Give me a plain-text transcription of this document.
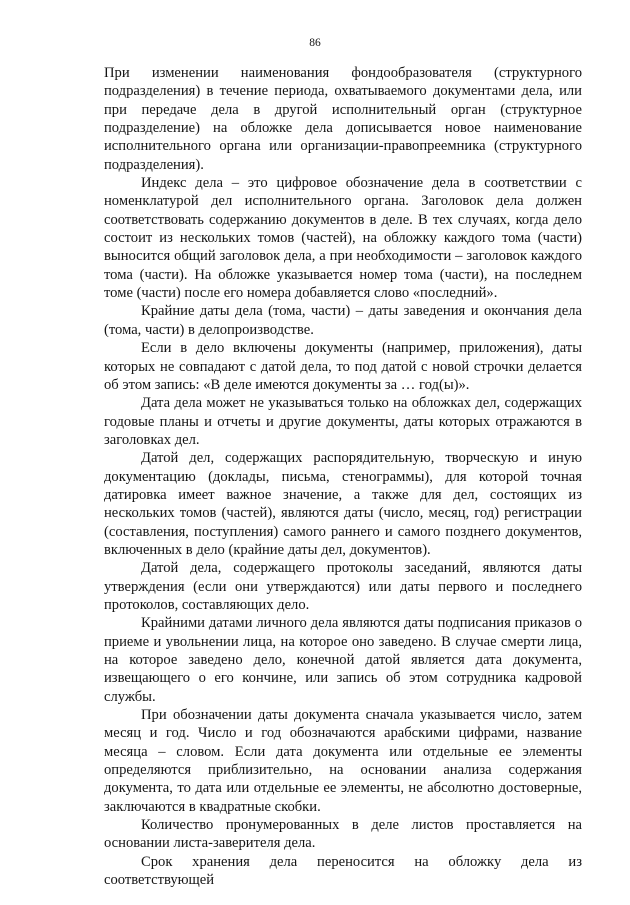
86

При изменении наименования фондообразователя (структурного подразделения) в течение периода, охватываемого документами дела, или при передаче дела в другой исполнительный орган (структурное подразделение) на обложке дела дописывается новое наименование исполнительного органа или организации-правопреемника (структурного подразделения).

Индекс дела – это цифровое обозначение дела в соответствии с номенклатурой дел исполнительного органа. Заголовок дела должен соответствовать содержанию документов в деле. В тех случаях, когда дело состоит из нескольких томов (частей), на обложку каждого тома (части) выносится общий заголовок дела, а при необходимости – заголовок каждого тома (части). На обложке указывается номер тома (части), на последнем томе (части) после его номера добавляется слово «последний».

Крайние даты дела (тома, части) – даты заведения и окончания дела (тома, части) в делопроизводстве.

Если в дело включены документы (например, приложения), даты которых не совпадают с датой дела, то под датой с новой строчки делается об этом запись: «В деле имеются документы за … год(ы)».

Дата дела может не указываться только на обложках дел, содержащих годовые планы и отчеты и другие документы, даты которых отражаются в заголовках дел.

Датой дел, содержащих распорядительную, творческую и иную документацию (доклады, письма, стенограммы), для которой точная датировка имеет важное значение, а также для дел, состоящих из нескольких томов (частей), являются даты (число, месяц, год) регистрации (составления, поступления) самого раннего и самого позднего документов, включенных в дело (крайние даты дел, документов).

Датой дела, содержащего протоколы заседаний, являются даты утверждения (если они утверждаются) или даты первого и последнего протоколов, составляющих дело.

Крайними датами личного дела являются даты подписания приказов о приеме и увольнении лица, на которое оно заведено. В случае смерти лица, на которое заведено дело, конечной датой является дата документа, извещающего о его кончине, или запись об этом сотрудника кадровой службы.

При обозначении даты документа сначала указывается число, затем месяц и год. Число и год обозначаются арабскими цифрами, название месяца – словом. Если дата документа или отдельные ее элементы определяются приблизительно, на основании анализа содержания документа, то дата или отдельные ее элементы, не абсолютно достоверные, заключаются в квадратные скобки.

Количество пронумерованных в деле листов проставляется на основании листа-заверителя дела.

Срок хранения дела переносится на обложку дела из соответствующей
